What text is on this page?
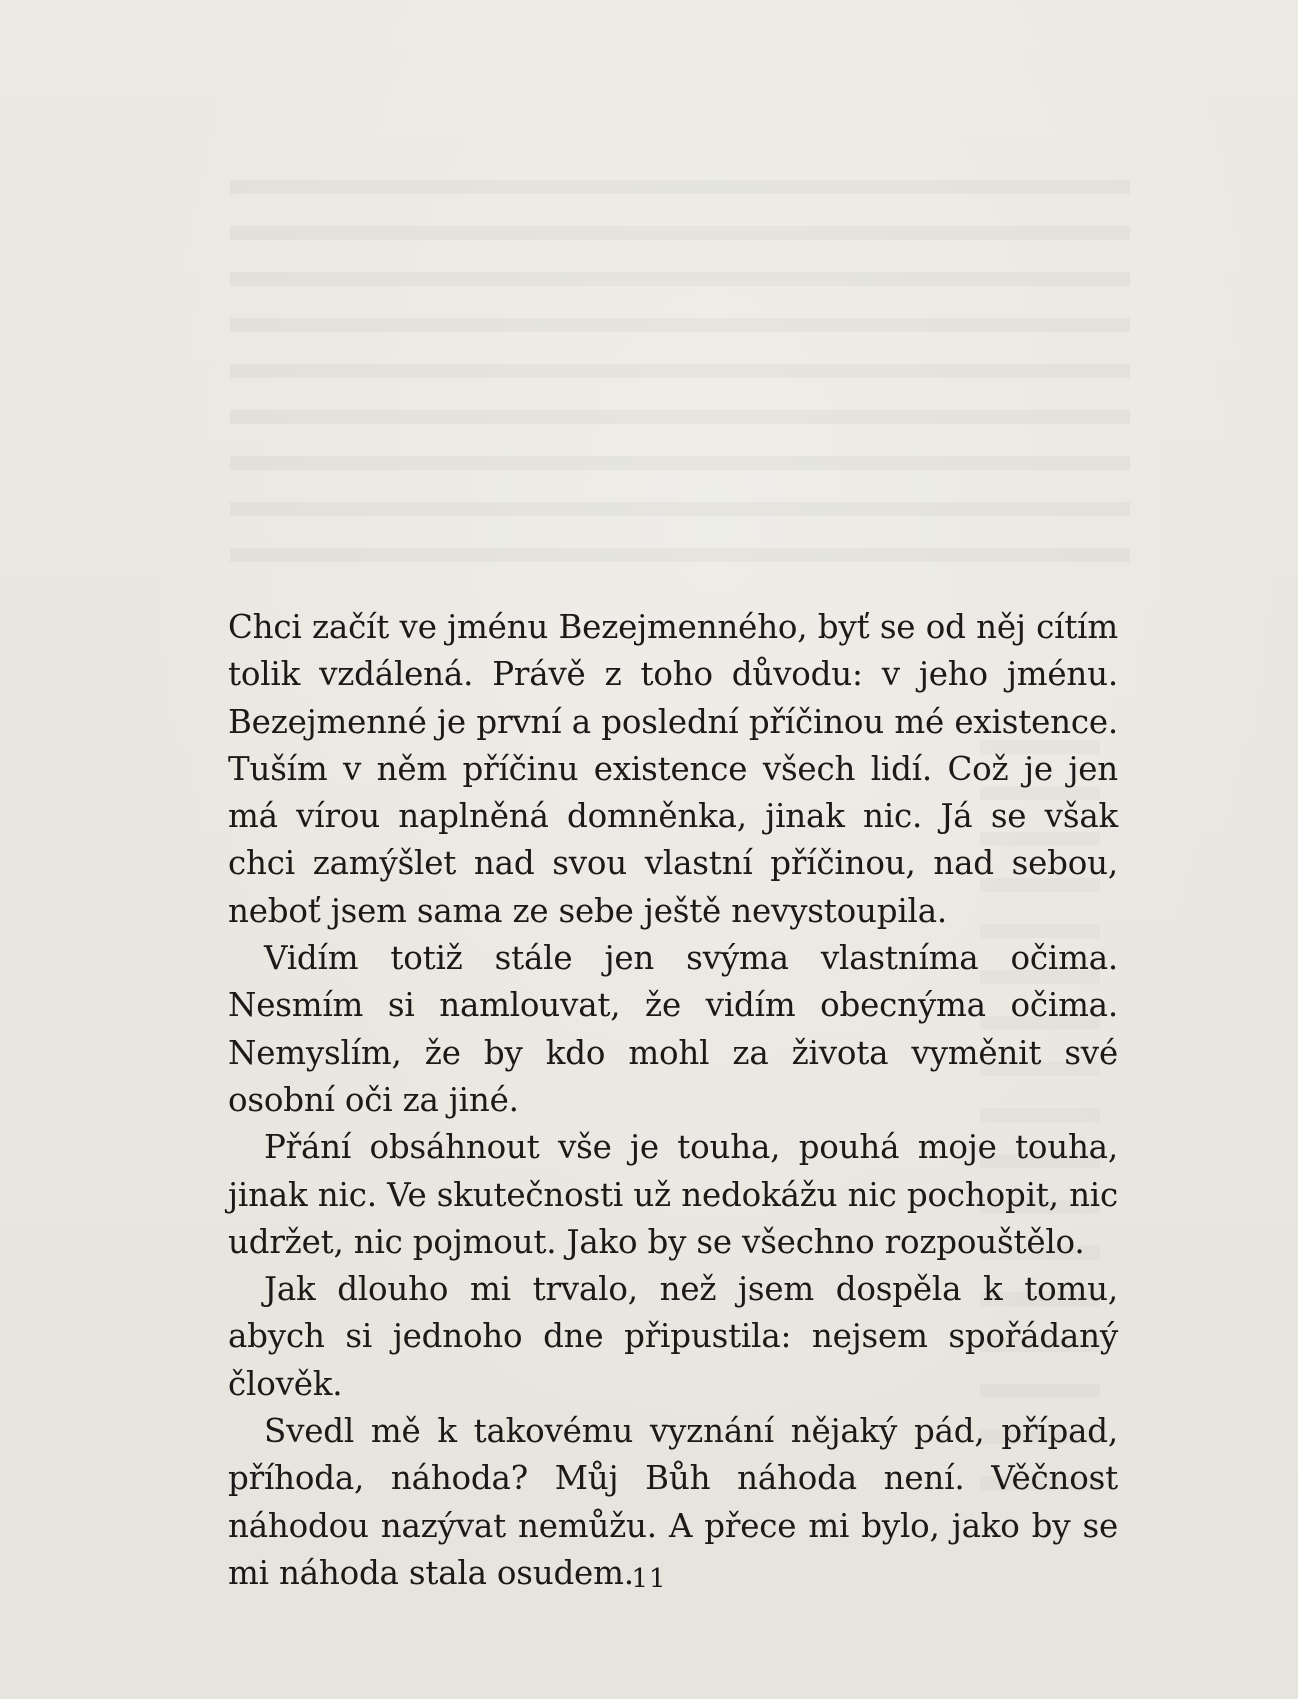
Chci začít ve jménu Bezejmenného, byť se od něj cítím tolik vzdálená. Právě z toho důvodu: v jeho jménu. Bezejmenné je první a poslední příčinou mé existence. Tuším v něm příčinu existence všech lidí. Což je jen má vírou naplněná domněnka, jinak nic. Já se však chci zamýšlet nad svou vlastní příčinou, nad sebou, neboť jsem sama ze sebe ještě nevystoupila.

Vidím totiž stále jen svýma vlastníma očima. Nesmím si namlouvat, že vidím obecnýma očima. Nemyslím, že by kdo mohl za života vyměnit své osobní oči za jiné.

Přání obsáhnout vše je touha, pouhá moje touha, jinak nic. Ve skutečnosti už nedokážu nic pochopit, nic udržet, nic pojmout. Jako by se všechno rozpouštělo.

Jak dlouho mi trvalo, než jsem dospěla k tomu, abych si jednoho dne připustila: nejsem spořádaný člověk.

Svedl mě k takovému vyznání nějaký pád, případ, příhoda, náhoda? Můj Bůh náhoda není. Věčnost náhodou nazývat nemůžu. A přece mi bylo, jako by se mi náhoda stala osudem.

11
